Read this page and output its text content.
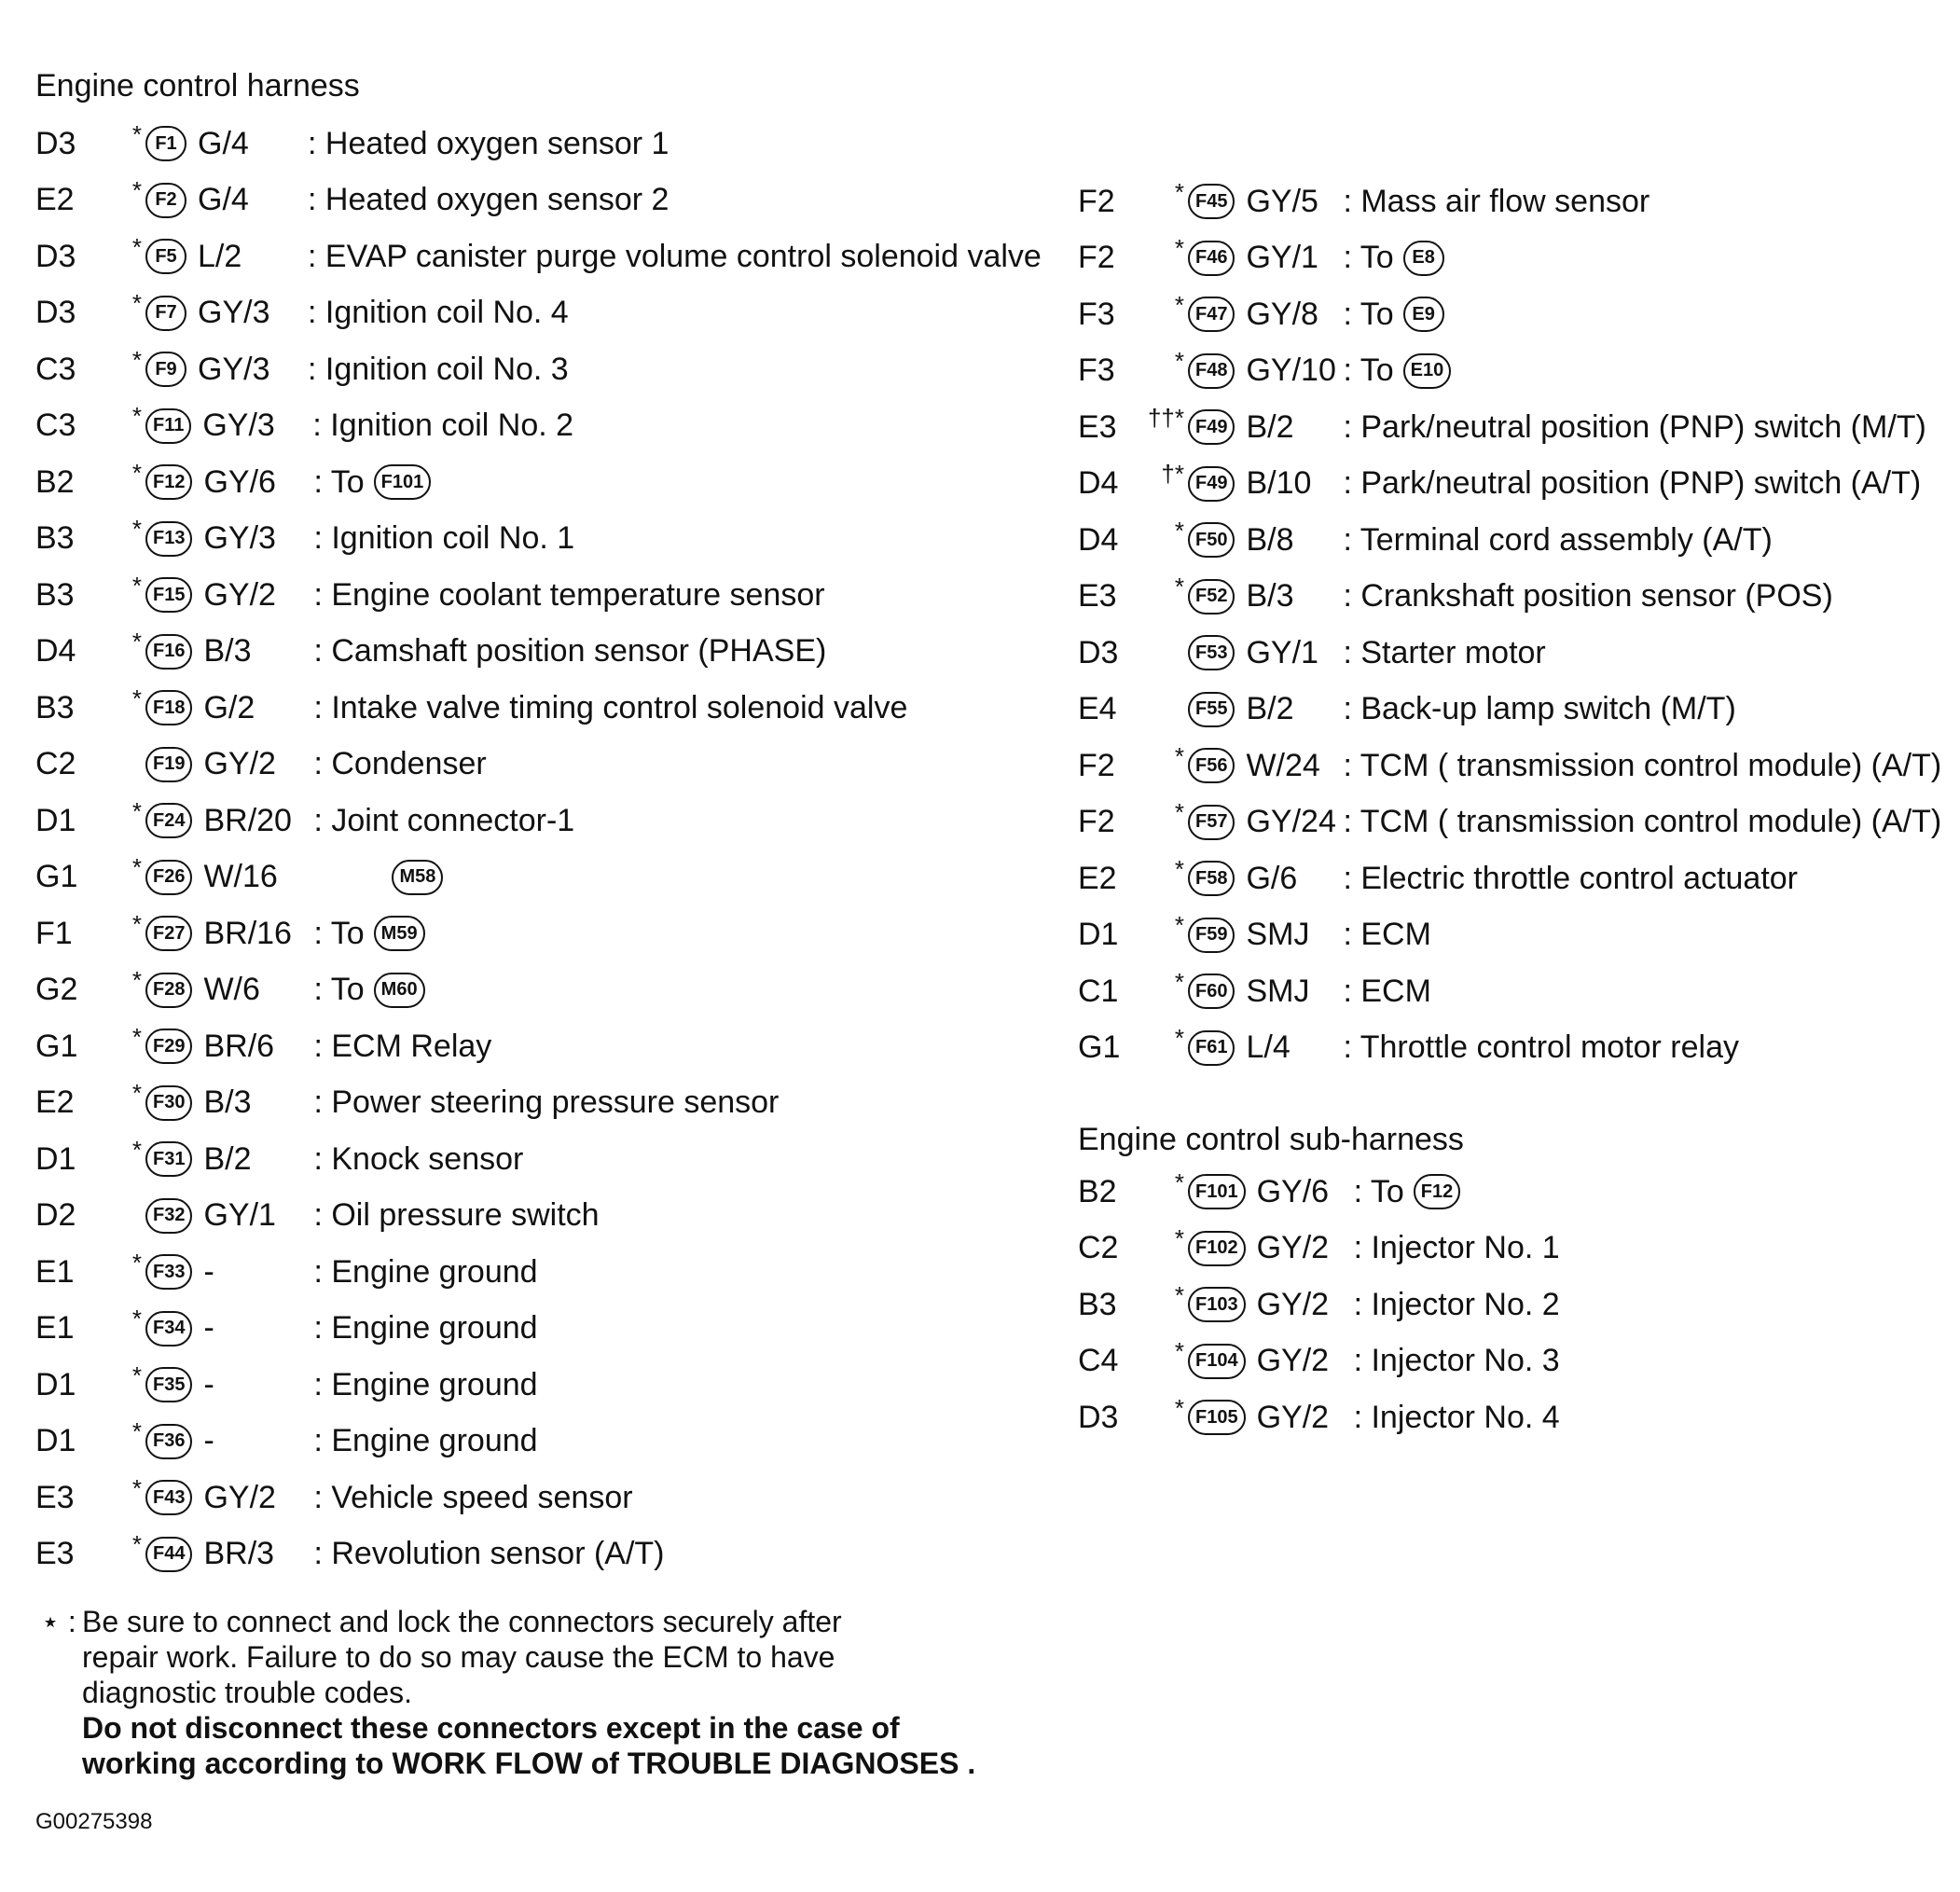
Engine control harness
D3	* F1 G/4	: Heated oxygen sensor 1
E2	* F2 G/4	: Heated oxygen sensor 2
D3	* F5 L/2	: EVAP canister purge volume control solenoid valve
D3	* F7 GY/3	: Ignition coil No. 4
C3	* F9 GY/3	: Ignition coil No. 3
C3	* F11 GY/3	: Ignition coil No. 2
B2	* F12 GY/6	: To F101
B3	* F13 GY/3	: Ignition coil No. 1
B3	* F15 GY/2	: Engine coolant temperature sensor
D4	* F16 B/3	: Camshaft position sensor (PHASE)
B3	* F18 G/2	: Intake valve timing control solenoid valve
C2	F19 GY/2	: Condenser
D1	* F24 BR/20 : Joint connector-1
G1	* F26 W/16	M58
F1	* F27 BR/16 : To M59
G2	* F28 W/6	: To M60
G1	* F29 BR/6	: ECM Relay
E2	* F30 B/3	: Power steering pressure sensor
D1	* F31 B/2	: Knock sensor
D2	F32 GY/1	: Oil pressure switch
E1	* F33 -	: Engine ground
E1	* F34 -	: Engine ground
D1	* F35 -	: Engine ground
D1	* F36 -	: Engine ground
E3	* F43 GY/2	: Vehicle speed sensor
E3	* F44 BR/3	: Revolution sensor (A/T)
F2	* F45 GY/5 : Mass air flow sensor
F2	* F46 GY/1 : To E8
F3	* F47 GY/8 : To E9
F3	* F48 GY/10 : To E10
E3	††* F49 B/2	: Park/neutral position (PNP) switch (M/T)
D4	†* F49 B/10	: Park/neutral position (PNP) switch (A/T)
D4	* F50 B/8	: Terminal cord assembly (A/T)
E3	* F52 B/3	: Crankshaft position sensor (POS)
D3	F53 GY/1 : Starter motor
E4	F55 B/2	: Back-up lamp switch (M/T)
F2	* F56 W/24 : TCM ( transmission control module) (A/T)
F2	* F57 GY/24 : TCM ( transmission control module) (A/T)
E2	* F58 G/6	: Electric throttle control actuator
D1	* F59 SMJ	: ECM
C1	* F60 SMJ	: ECM
G1	* F61 L/4	: Throttle control motor relay
Engine control sub-harness
B2	* F101 GY/6 : To F12
C2	* F102 GY/2 : Injector No. 1
B3	* F103 GY/2 : Injector No. 2
C4	* F104 GY/2 : Injector No. 3
D3	* F105 GY/2 : Injector No. 4
⋆ : Be sure to connect and lock the connectors securely after
repair work. Failure to do so may cause the ECM to have
diagnostic trouble codes.
Do not disconnect these connectors except in the case of
working according to WORK FLOW of TROUBLE DIAGNOSES .
G00275398
